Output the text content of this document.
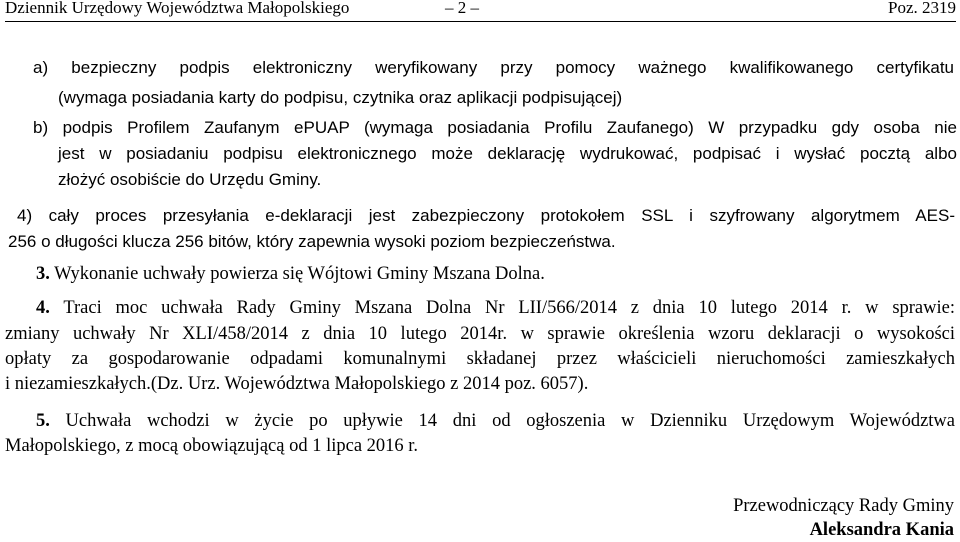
Dziennik Urzędowy Województwa Małopolskiego	– 2 –	Poz. 2319
a) bezpieczny podpis elektroniczny weryfikowany przy pomocy ważnego kwalifikowanego certyfikatu
(wymaga posiadania karty do podpisu, czytnika oraz aplikacji podpisującej)
b) podpis Profilem Zaufanym ePUAP (wymaga posiadania Profilu Zaufanego) W przypadku gdy osoba nie
jest w posiadaniu podpisu elektronicznego może deklarację wydrukować, podpisać i wysłać pocztą albo
złożyć osobiście do Urzędu Gminy.
4) cały proces przesyłania e-deklaracji jest zabezpieczony protokołem SSL i szyfrowany algorytmem AES-
256 o długości klucza 256 bitów, który zapewnia wysoki poziom bezpieczeństwa.
3. Wykonanie uchwały powierza się Wójtowi Gminy Mszana Dolna.
4. Traci moc uchwała Rady Gminy Mszana Dolna Nr LII/566/2014 z dnia 10 lutego 2014 r. w sprawie:
zmiany uchwały Nr XLI/458/2014 z dnia 10 lutego 2014r. w sprawie określenia wzoru deklaracji o wysokości
opłaty za gospodarowanie odpadami komunalnymi składanej przez właścicieli nieruchomości zamieszkałych
i niezamieszkałych.(Dz. Urz. Województwa Małopolskiego z 2014 poz. 6057).
5. Uchwała wchodzi w życie po upływie 14 dni od ogłoszenia w Dzienniku Urzędowym Województwa
Małopolskiego, z mocą obowiązującą od 1 lipca 2016 r.
Przewodniczący Rady Gminy
Aleksandra Kania
